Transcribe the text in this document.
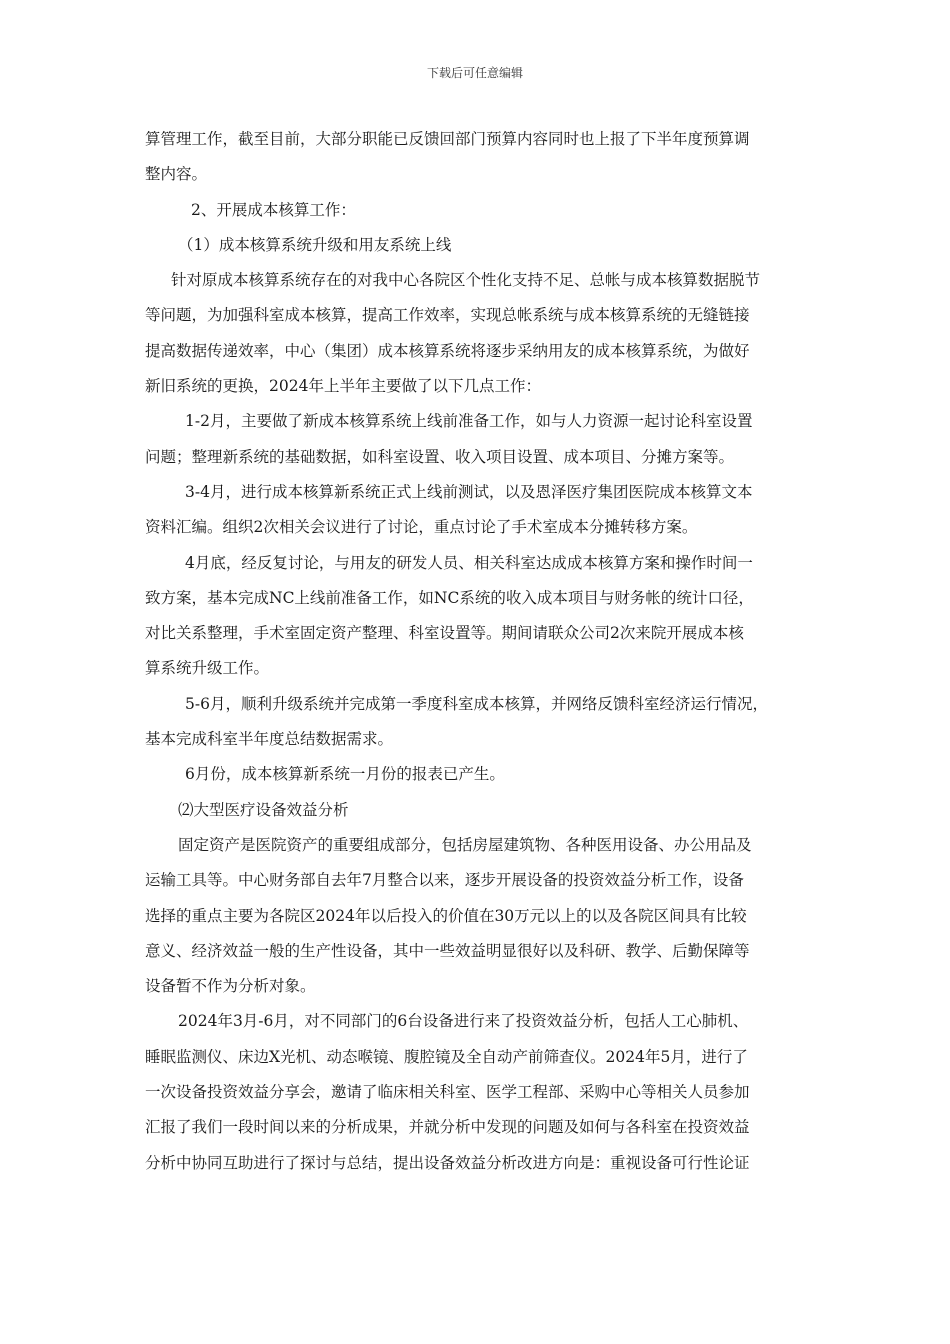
下载后可任意编辑
算管理工作，截至目前，大部分职能已反馈回部门预算内容同时也上报了下半年度预算调
整内容。
2、开展成本核算工作：
（1）成本核算系统升级和用友系统上线
针对原成本核算系统存在的对我中心各院区个性化支持不足、总帐与成本核算数据脱节
等问题，为加强科室成本核算，提高工作效率，实现总帐系统与成本核算系统的无缝链接
提高数据传递效率，中心（集团）成本核算系统将逐步采纳用友的成本核算系统，为做好
新旧系统的更换，2024年上半年主要做了以下几点工作：
1-2月，主要做了新成本核算系统上线前准备工作，如与人力资源一起讨论科室设置
问题；整理新系统的基础数据，如科室设置、收入项目设置、成本项目、分摊方案等。
3-4月，进行成本核算新系统正式上线前测试，以及恩泽医疗集团医院成本核算文本
资料汇编。组织2次相关会议进行了讨论，重点讨论了手术室成本分摊转移方案。
4月底，经反复讨论，与用友的研发人员、相关科室达成成本核算方案和操作时间一
致方案，基本完成NC上线前准备工作，如NC系统的收入成本项目与财务帐的统计口径，
对比关系整理，手术室固定资产整理、科室设置等。期间请联众公司2次来院开展成本核
算系统升级工作。
5-6月，顺利升级系统并完成第一季度科室成本核算，并网络反馈科室经济运行情况，
基本完成科室半年度总结数据需求。
6月份，成本核算新系统一月份的报表已产生。
⑵大型医疗设备效益分析
固定资产是医院资产的重要组成部分，包括房屋建筑物、各种医用设备、办公用品及
运输工具等。中心财务部自去年7月整合以来，逐步开展设备的投资效益分析工作，设备
选择的重点主要为各院区2024年以后投入的价值在30万元以上的以及各院区间具有比较
意义、经济效益一般的生产性设备，其中一些效益明显很好以及科研、教学、后勤保障等
设备暂不作为分析对象。
2024年3月-6月，对不同部门的6台设备进行来了投资效益分析，包括人工心肺机、
睡眠监测仪、床边X光机、动态喉镜、腹腔镜及全自动产前筛查仪。2024年5月，进行了
一次设备投资效益分享会，邀请了临床相关科室、医学工程部、采购中心等相关人员参加
汇报了我们一段时间以来的分析成果，并就分析中发现的问题及如何与各科室在投资效益
分析中协同互助进行了探讨与总结，提出设备效益分析改进方向是：重视设备可行性论证
